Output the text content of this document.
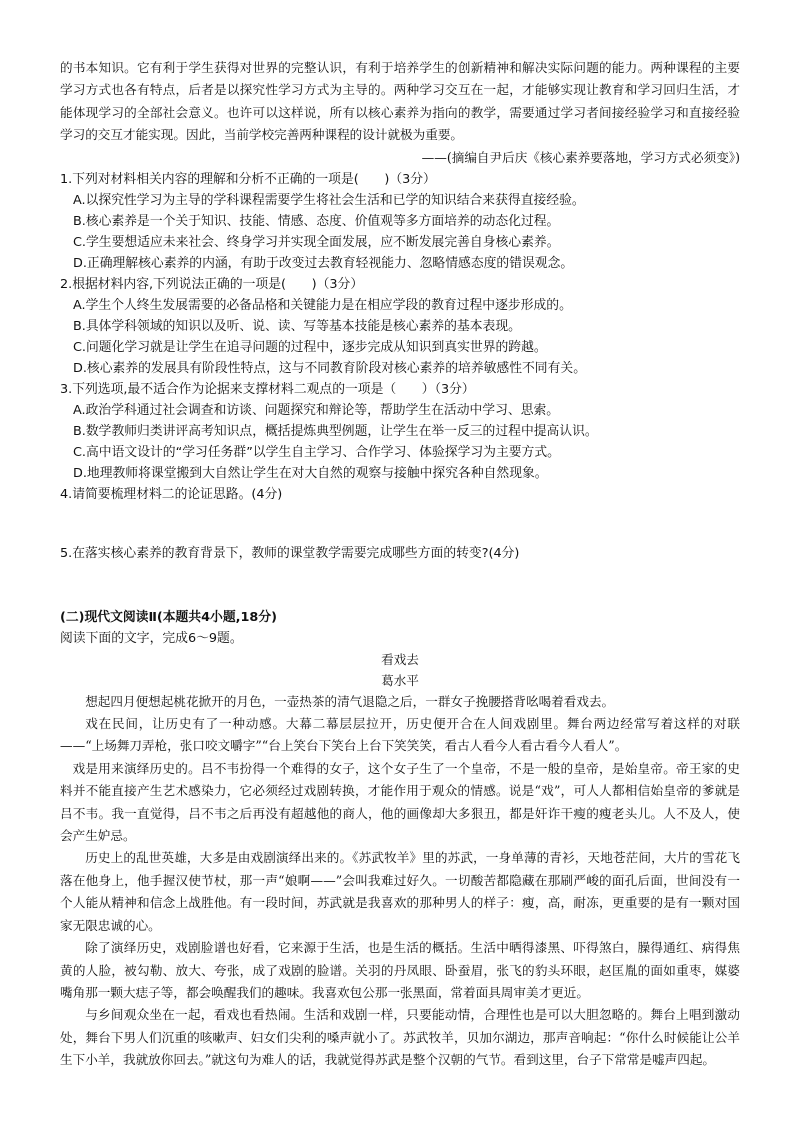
的书本知识。它有利于学生获得对世界的完整认识，有利于培养学生的创新精神和解决实际问题的能力。两种课程的主要学习方式也各有特点，后者是以探究性学习方式为主导的。两种学习交互在一起，才能够实现让教育和学习回归生活，才能体现学习的全部社会意义。也许可以这样说，所有以核心素养为指向的教学，需要通过学习者间接经验学习和直接经验学习的交互才能实现。因此，当前学校完善两种课程的设计就极为重要。

——(摘编自尹后庆《核心素养要落地，学习方式必须变》)

1.下列对材料相关内容的理解和分析不正确的一项是(　　)（3分）

A.以探究性学习为主导的学科课程需要学生将社会生活和已学的知识结合来获得直接经验。

B.核心素养是一个关于知识、技能、情感、态度、价值观等多方面培养的动态化过程。

C.学生要想适应未来社会、终身学习并实现全面发展，应不断发展完善自身核心素养。

D.正确理解核心素养的内涵，有助于改变过去教育轻视能力、忽略情感态度的错误观念。

2.根据材料内容,下列说法正确的一项是(　　)（3分）

A.学生个人终生发展需要的必备品格和关键能力是在相应学段的教育过程中逐步形成的。

B.具体学科领域的知识以及听、说、读、写等基本技能是核心素养的基本表现。

C.问题化学习就是让学生在追寻问题的过程中，逐步完成从知识到真实世界的跨越。

D.核心素养的发展具有阶段性特点，这与不同教育阶段对核心素养的培养敏感性不同有关。

3.下列选项,最不适合作为论据来支撑材料二观点的一项是（　　）（3分）

A.政治学科通过社会调查和访谈、问题探究和辩论等，帮助学生在活动中学习、思索。

B.数学教师归类讲评高考知识点，概括提炼典型例题，让学生在举一反三的过程中提高认识。

C.高中语文设计的“学习任务群”以学生自主学习、合作学习、体验探学习为主要方式。

D.地理教师将课堂搬到大自然让学生在对大自然的观察与接触中探究各种自然现象。

4.请简要梳理材料二的论证思路。(4分)

5.在落实核心素养的教育背景下，教师的课堂教学需要完成哪些方面的转变?(4分)

(二)现代文阅读Ⅱ(本题共4小题,18分)

阅读下面的文字，完成6～9题。

看戏去

葛水平

想起四月便想起桃花掀开的月色，一壶热茶的清气退隐之后，一群女子挽腰搭背吆喝着看戏去。

戏在民间，让历史有了一种动感。大幕二幕层层拉开，历史便开合在人间戏剧里。舞台两边经常写着这样的对联——“上场舞刀弄枪，张口咬文嚼字”“台上笑台下笑台上台下笑笑笑，看古人看今人看古看今人看人”。

戏是用来演绎历史的。吕不韦扮得一个难得的女子，这个女子生了一个皇帝，不是一般的皇帝，是始皇帝。帝王家的史料并不能直接产生艺术感染力，它必须经过戏剧转换，才能作用于观众的情感。说是“戏”，可人人都相信始皇帝的爹就是吕不韦。我一直觉得，吕不韦之后再没有超越他的商人，他的画像却大多狠丑，都是奸诈干瘦的瘦老头儿。人不及人，使会产生妒忌。

历史上的乱世英雄，大多是由戏剧演绎出来的。《苏武牧羊》里的苏武，一身单薄的青衫，天地苍茫间，大片的雪花飞落在他身上，他手握汉使节杖，那一声“娘啊——”会叫我难过好久。一切酸苦都隐藏在那刷严峻的面孔后面，世间没有一个人能从精神和信念上战胜他。有一段时间，苏武就是我喜欢的那种男人的样子：瘦，高，耐冻，更重要的是有一颗对国家无限忠诚的心。

除了演绎历史，戏剧脸谱也好看，它来源于生活，也是生活的概括。生活中晒得漆黑、吓得煞白，臊得通红、病得焦黄的人脸，被勾勒、放大、夸张，成了戏剧的脸谱。关羽的丹凤眼、卧蚕眉，张飞的豹头环眼，赵匡胤的面如重枣，媒婆嘴角那一颗大痣子等，都会唤醒我们的趣味。我喜欢包公那一张黑面，常着面具周审美才更近。

与乡间观众坐在一起，看戏也看热闹。生活和戏剧一样，只要能动情，合理性也是可以大胆忽略的。舞台上唱到激动处，舞台下男人们沉重的咳嗽声、妇女们尖利的嗓声就小了。苏武牧羊，贝加尔湖边，那声音响起：“你什么时候能让公羊生下小羊，我就放你回去。”就这句为难人的话，我就觉得苏武是整个汉朝的气节。看到这里，台子下常常是嘘声四起。
